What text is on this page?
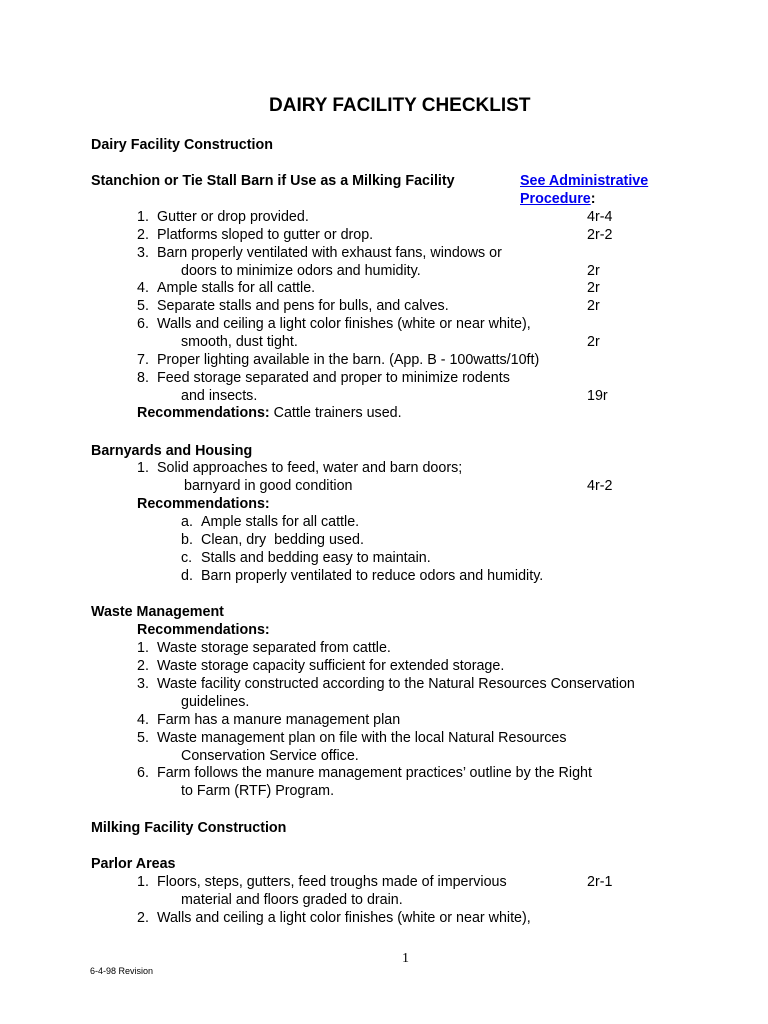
DAIRY FACILITY CHECKLIST
Dairy Facility Construction
Stanchion or Tie Stall Barn if Use as a Milking Facility	See Administrative
Procedure:
1. Gutter or drop provided.	4r-4
2. Platforms sloped to gutter or drop.	2r-2
3. Barn properly ventilated with exhaust fans, windows or
doors to minimize odors and humidity.	2r
4. Ample stalls for all cattle.	2r
5. Separate stalls and pens for bulls, and calves.	2r
6. Walls and ceiling a light color finishes (white or near white),
smooth, dust tight.	2r
7. Proper lighting available in the barn. (App. B - 100watts/10ft)
8. Feed storage separated and proper to minimize rodents
and insects.	19r
Recommendations: Cattle trainers used.
Barnyards and Housing
1. Solid approaches to feed, water and barn doors;
barnyard in good condition	4r-2
Recommendations:
a. Ample stalls for all cattle.
b. Clean, dry  bedding used.
c. Stalls and bedding easy to maintain.
d. Barn properly ventilated to reduce odors and humidity.
Waste Management
Recommendations:
1. Waste storage separated from cattle.
2. Waste storage capacity sufficient for extended storage.
3. Waste facility constructed according to the Natural Resources Conservation
guidelines.
4. Farm has a manure management plan
5. Waste management plan on file with the local Natural Resources
Conservation Service office.
6. Farm follows the manure management practices’ outline by the Right
to Farm (RTF) Program.
Milking Facility Construction
Parlor Areas
1. Floors, steps, gutters, feed troughs made of impervious	2r-1
material and floors graded to drain.
2. Walls and ceiling a light color finishes (white or near white),
1
6-4-98 Revision
